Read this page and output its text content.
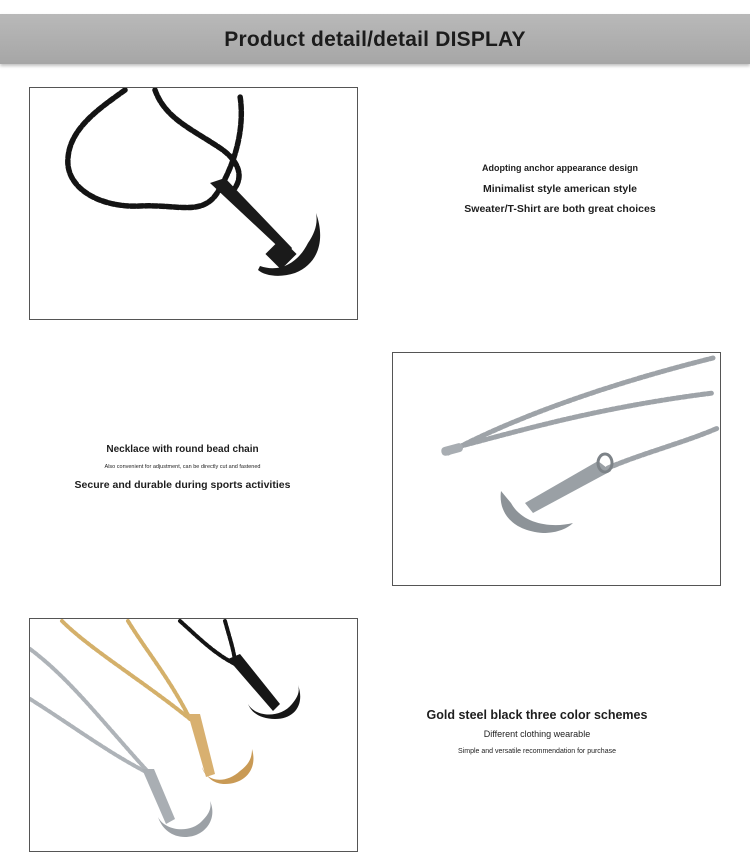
Product detail/detail DISPLAY
Adopting anchor appearance design
Minimalist style american style
Sweater/T-Shirt are both great choices
Necklace with round bead chain
Also convenient for adjustment, can be directly cut and fastened
Secure and durable during sports activities
Gold steel black three color schemes
Different clothing wearable
Simple and versatile recommendation for purchase
